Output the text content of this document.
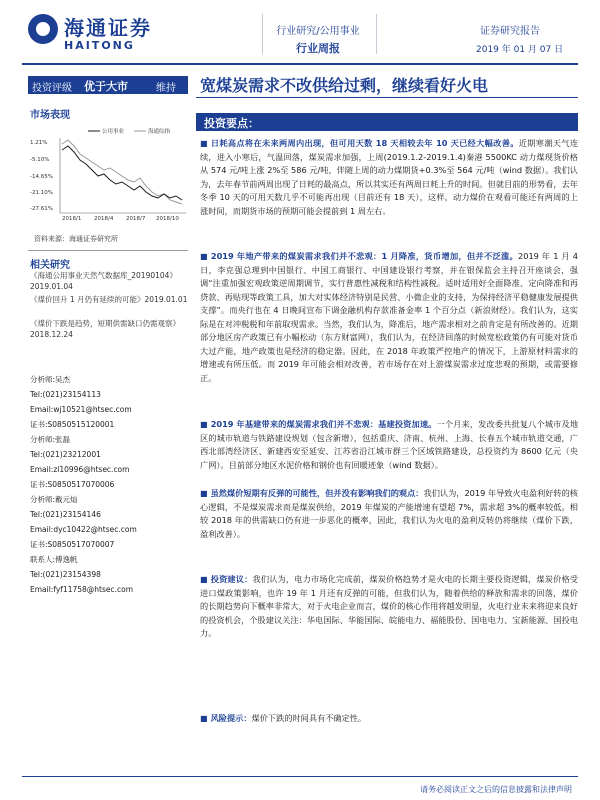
海通证券
HAITONG
行业研究/公用事业
行业周报
证券研究报告
2019 年 01 月 07 日
投资评级 优于大市	维持 宽煤炭需求不改供给过剩，继续看好火电
市场表现
公用事业	海通综指
1.21%
-5.10%
-14.65%
-21.10%
-27.61%
2018/1 2018/4 2018/7 2018/10
资料来源：海通证券研究所
相关研究
《海通公用事业天然气数据库_20190104》2019.01.04
《煤价回升 1 月仍有延续的可能》2019.01.01
《煤价下跌是趋势，短期供需缺口仍需观察》2018.12.24
分析师:吴杰
Tel:(021)23154113
Email:wj10521@htsec.com
证书:S0850515120001
分析师:张磊
Tel:(021)23212001
Email:zl10996@htsec.com
证书:S0850517070006
分析师:戴元灿
Tel:(021)23154146
Email:dyc10422@htsec.com
证书:S0850517070007
联系人:傅逸帆
Tel:(021)23154398
Email:fyf11758@htsec.com
投资要点：
■ 日耗高点将在未来两周内出现，但可用天数 18 天相较去年 10 天已经大幅改善。近期寒潮天气连续，进入小寒后，气温回落，煤炭需求加强，上周(2019.1.2-2019.1.4)秦港 5500KC 动力煤现货价格从 574 元/吨上涨 2%至 586 元/吨，伴随上周的动力煤期货+0.3%至 564 元/吨（wind 数据）。我们认为，去年春节前两周出现了日耗的最高点，所以其实还有两周日耗上升的时间。但就目前的形势看，去年冬季 10 天的可用天数几乎不可能再出现（目前还有 18 天），这样，动力煤价在观看可能还有两周的上涨时间，而期货市场的预期可能会提前到 1 周左右。
■ 2019 年地产带来的煤炭需求我们并不悲观：1 月降准，货币增加，但并不泛滥。2019 年 1 月 4 日，李克强总理到中国银行、中国工商银行、中国建设银行考察，并在银保监会主持召开座谈会，强调“注重加强宏观政策逆周期调节，实行普惠性减税和结构性减税。适时适用好全面降准、定向降准和再贷款、再贴现等政策工具，加大对实体经济特别是民营、小微企业的支持，为保持经济平稳健康发展提供支撑”。而央行也在 4 日晚间宣布下调金融机构存款准备金率 1 个百分点（新浪财经）。我们认为，这实际是在对冲税税和年前取现需求。当然，我们认为，降准后，地产需求相对之前肯定是有所改善的。近期部分地区房产政策已有小幅松动（东方财富网），我们认为，在经济回落的时候宽松政策仍有可能对货币大过产能，地产政策也是经济的稳定器。因此，在 2018 年政策严控地产的情况下，上游原材料需求的增速或有所压低。而 2019 年可能会相对改善，若市场存在对上游煤炭需求过度悲观的预期，或需要修正。
■ 2019 年基建带来的煤炭需求我们并不悲观：基建投资加速。一个月来，发改委共批复八个城市及地区的城市轨道与铁路建设规划（包含新增），包括重庆、济南、杭州、上海、长春五个城市轨道交通，广西北部湾经济区、新建西安至延安、江苏省沿江城市群三个区域铁路建设，总投资约为 8600 亿元（央广网）。目前部分地区水泥价格和钢价也有回暖迹象（wind 数据）。
■ 虽然煤价短期有反弹的可能性，但并没有影响我们的观点：我们认为，2019 年导致火电盈利好转的核心逻辑，不是煤炭需求而是煤炭供给，2019 年煤炭的产能增速有望超 7%，需求超 3%的概率较低。相较 2018 年的供需缺口仍有进一步恶化的概率，因此，我们认为火电的盈利反转仍将继续（煤价下跌，盈利改善）。
■ 投资建议：我们认为，电力市场化完成前，煤炭价格趋势才是火电的长期主要投资逻辑，煤炭价格受进口煤政策影响，也许 19 年 1 月还有反弹的可能，但我们认为，随着供给的释放和需求的回落，煤价的长期趋势向下概率非常大，对于火电企业而言，煤价的核心作用将越发明显，火电行业未来将迎来良好的投资机会，个股建议关注：华电国际、华能国际、皖能电力、福能股份、国电电力、宝新能源、国投电力。
■ 风险提示：煤价下跌的时间具有不确定性。
请务必阅读正文之后的信息披露和法律声明
